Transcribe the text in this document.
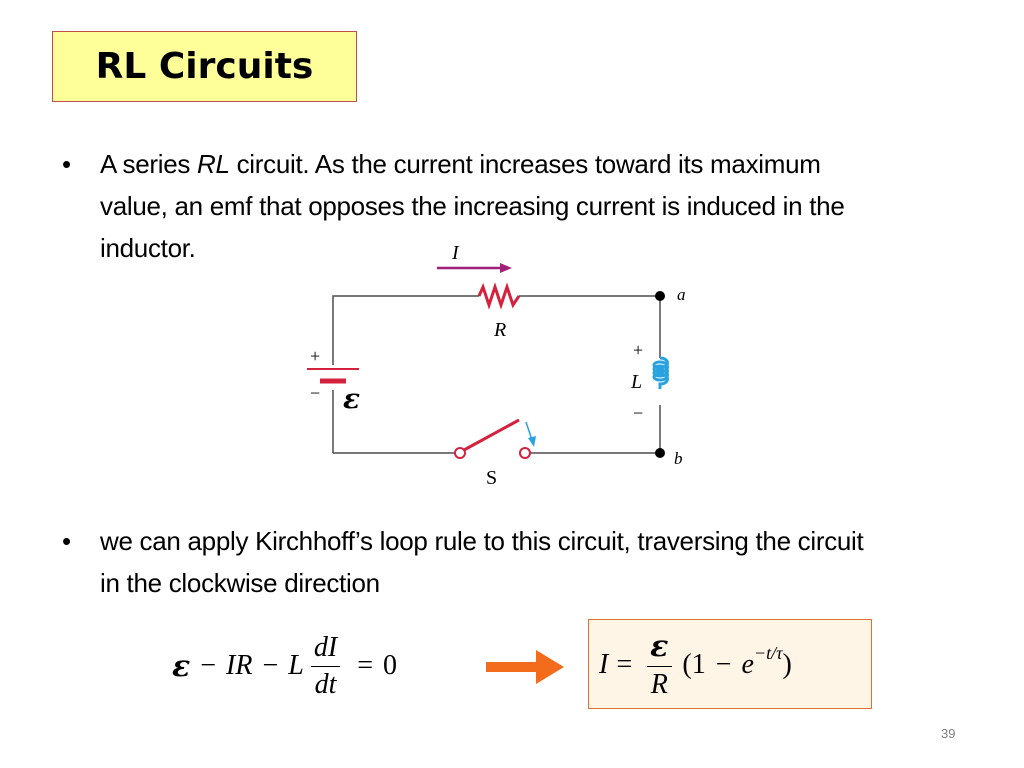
RL Circuits
• A series RL circuit. As the current increases toward its maximum
value, an emf that opposes the increasing current is induced in the
inductor.	I
R
+
− ε
+
L
−
a
b
S
• we can apply Kirchhoff’s loop rule to this circuit, traversing the circuit
in the clockwise direction
ε − IR − L $\frac{dI}{dt} = 0$	$I = \frac{\varepsilon}{R} (1 - e -t/\tau$ )
39
